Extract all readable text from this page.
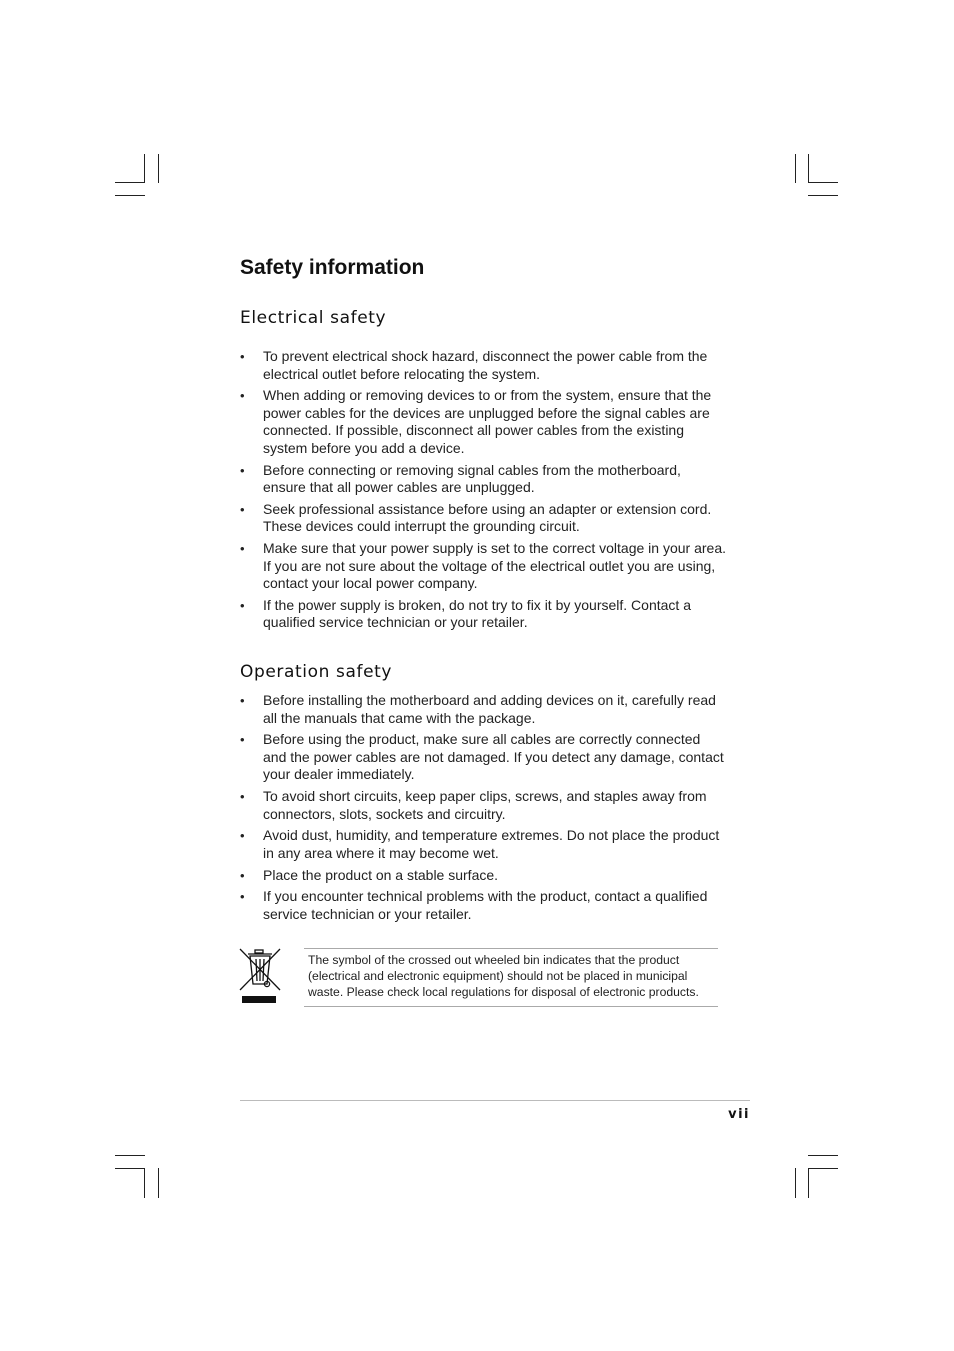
Safety information
Electrical safety
• To prevent electrical shock hazard, disconnect the power cable from the electrical outlet before relocating the system.
• When adding or removing devices to or from the system, ensure that the power cables for the devices are unplugged before the signal cables are connected. If possible, disconnect all power cables from the existing system before you add a device.
• Before connecting or removing signal cables from the motherboard, ensure that all power cables are unplugged.
• Seek professional assistance before using an adapter or extension cord. These devices could interrupt the grounding circuit.
• Make sure that your power supply is set to the correct voltage in your area. If you are not sure about the voltage of the electrical outlet you are using, contact your local power company.
• If the power supply is broken, do not try to fix it by yourself. Contact a qualified service technician or your retailer.
Operation safety
• Before installing the motherboard and adding devices on it, carefully read all the manuals that came with the package.
• Before using the product, make sure all cables are correctly connected and the power cables are not damaged. If you detect any damage, contact your dealer immediately.
• To avoid short circuits, keep paper clips, screws, and staples away from connectors, slots, sockets and circuitry.
• Avoid dust, humidity, and temperature extremes. Do not place the product in any area where it may become wet.
• Place the product on a stable surface.
• If you encounter technical problems with the product, contact a qualified service technician or your retailer.

The symbol of the crossed out wheeled bin indicates that the product (electrical and electronic equipment) should not be placed in municipal waste. Please check local regulations for disposal of electronic products.

vii
